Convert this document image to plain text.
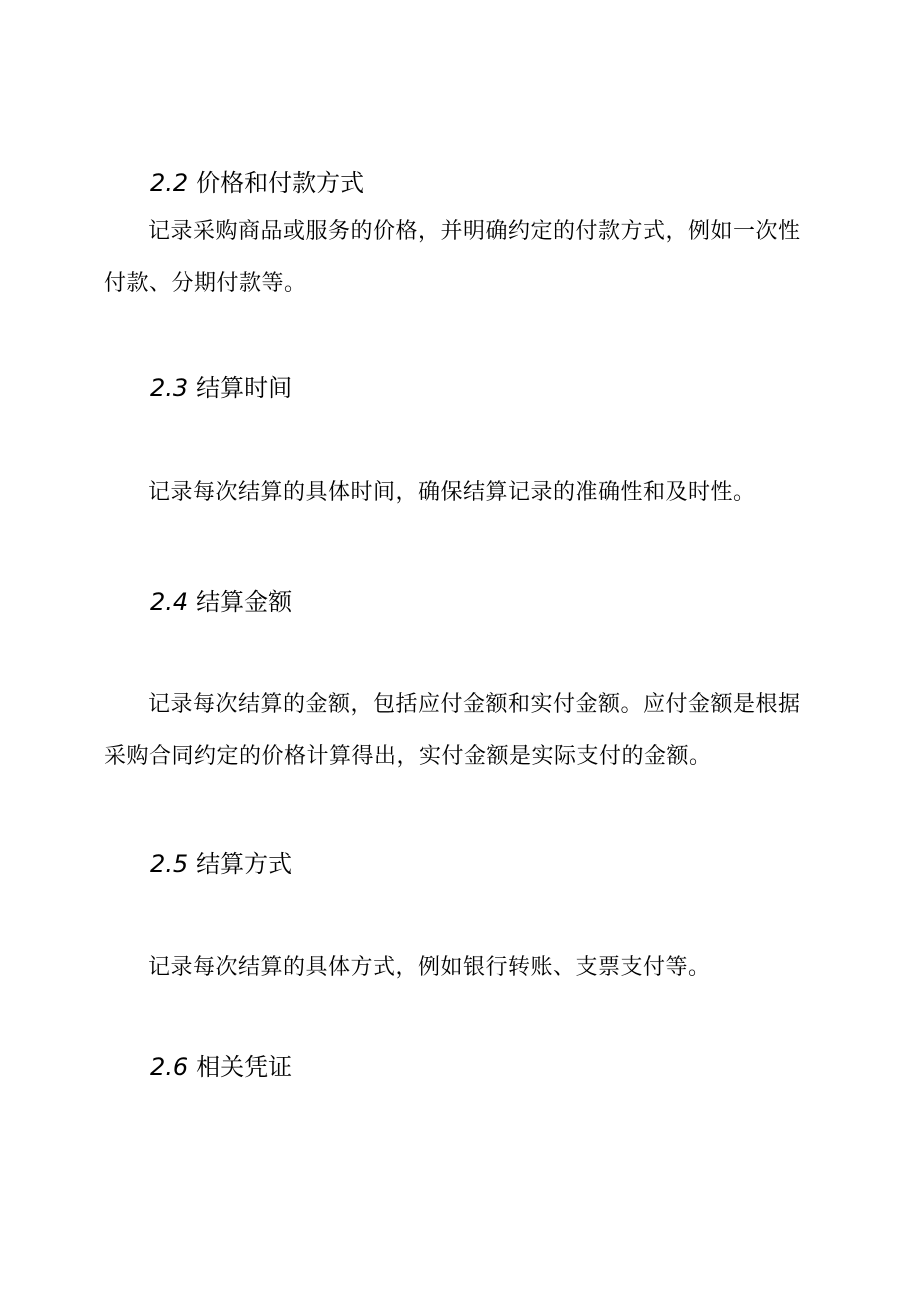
2.2 价格和付款方式
记录采购商品或服务的价格，并明确约定的付款方式，例如一次性付款、分期付款等。
2.3 结算时间
记录每次结算的具体时间，确保结算记录的准确性和及时性。
2.4 结算金额
记录每次结算的金额，包括应付金额和实付金额。应付金额是根据采购合同约定的价格计算得出，实付金额是实际支付的金额。
2.5 结算方式
记录每次结算的具体方式，例如银行转账、支票支付等。
2.6 相关凭证
